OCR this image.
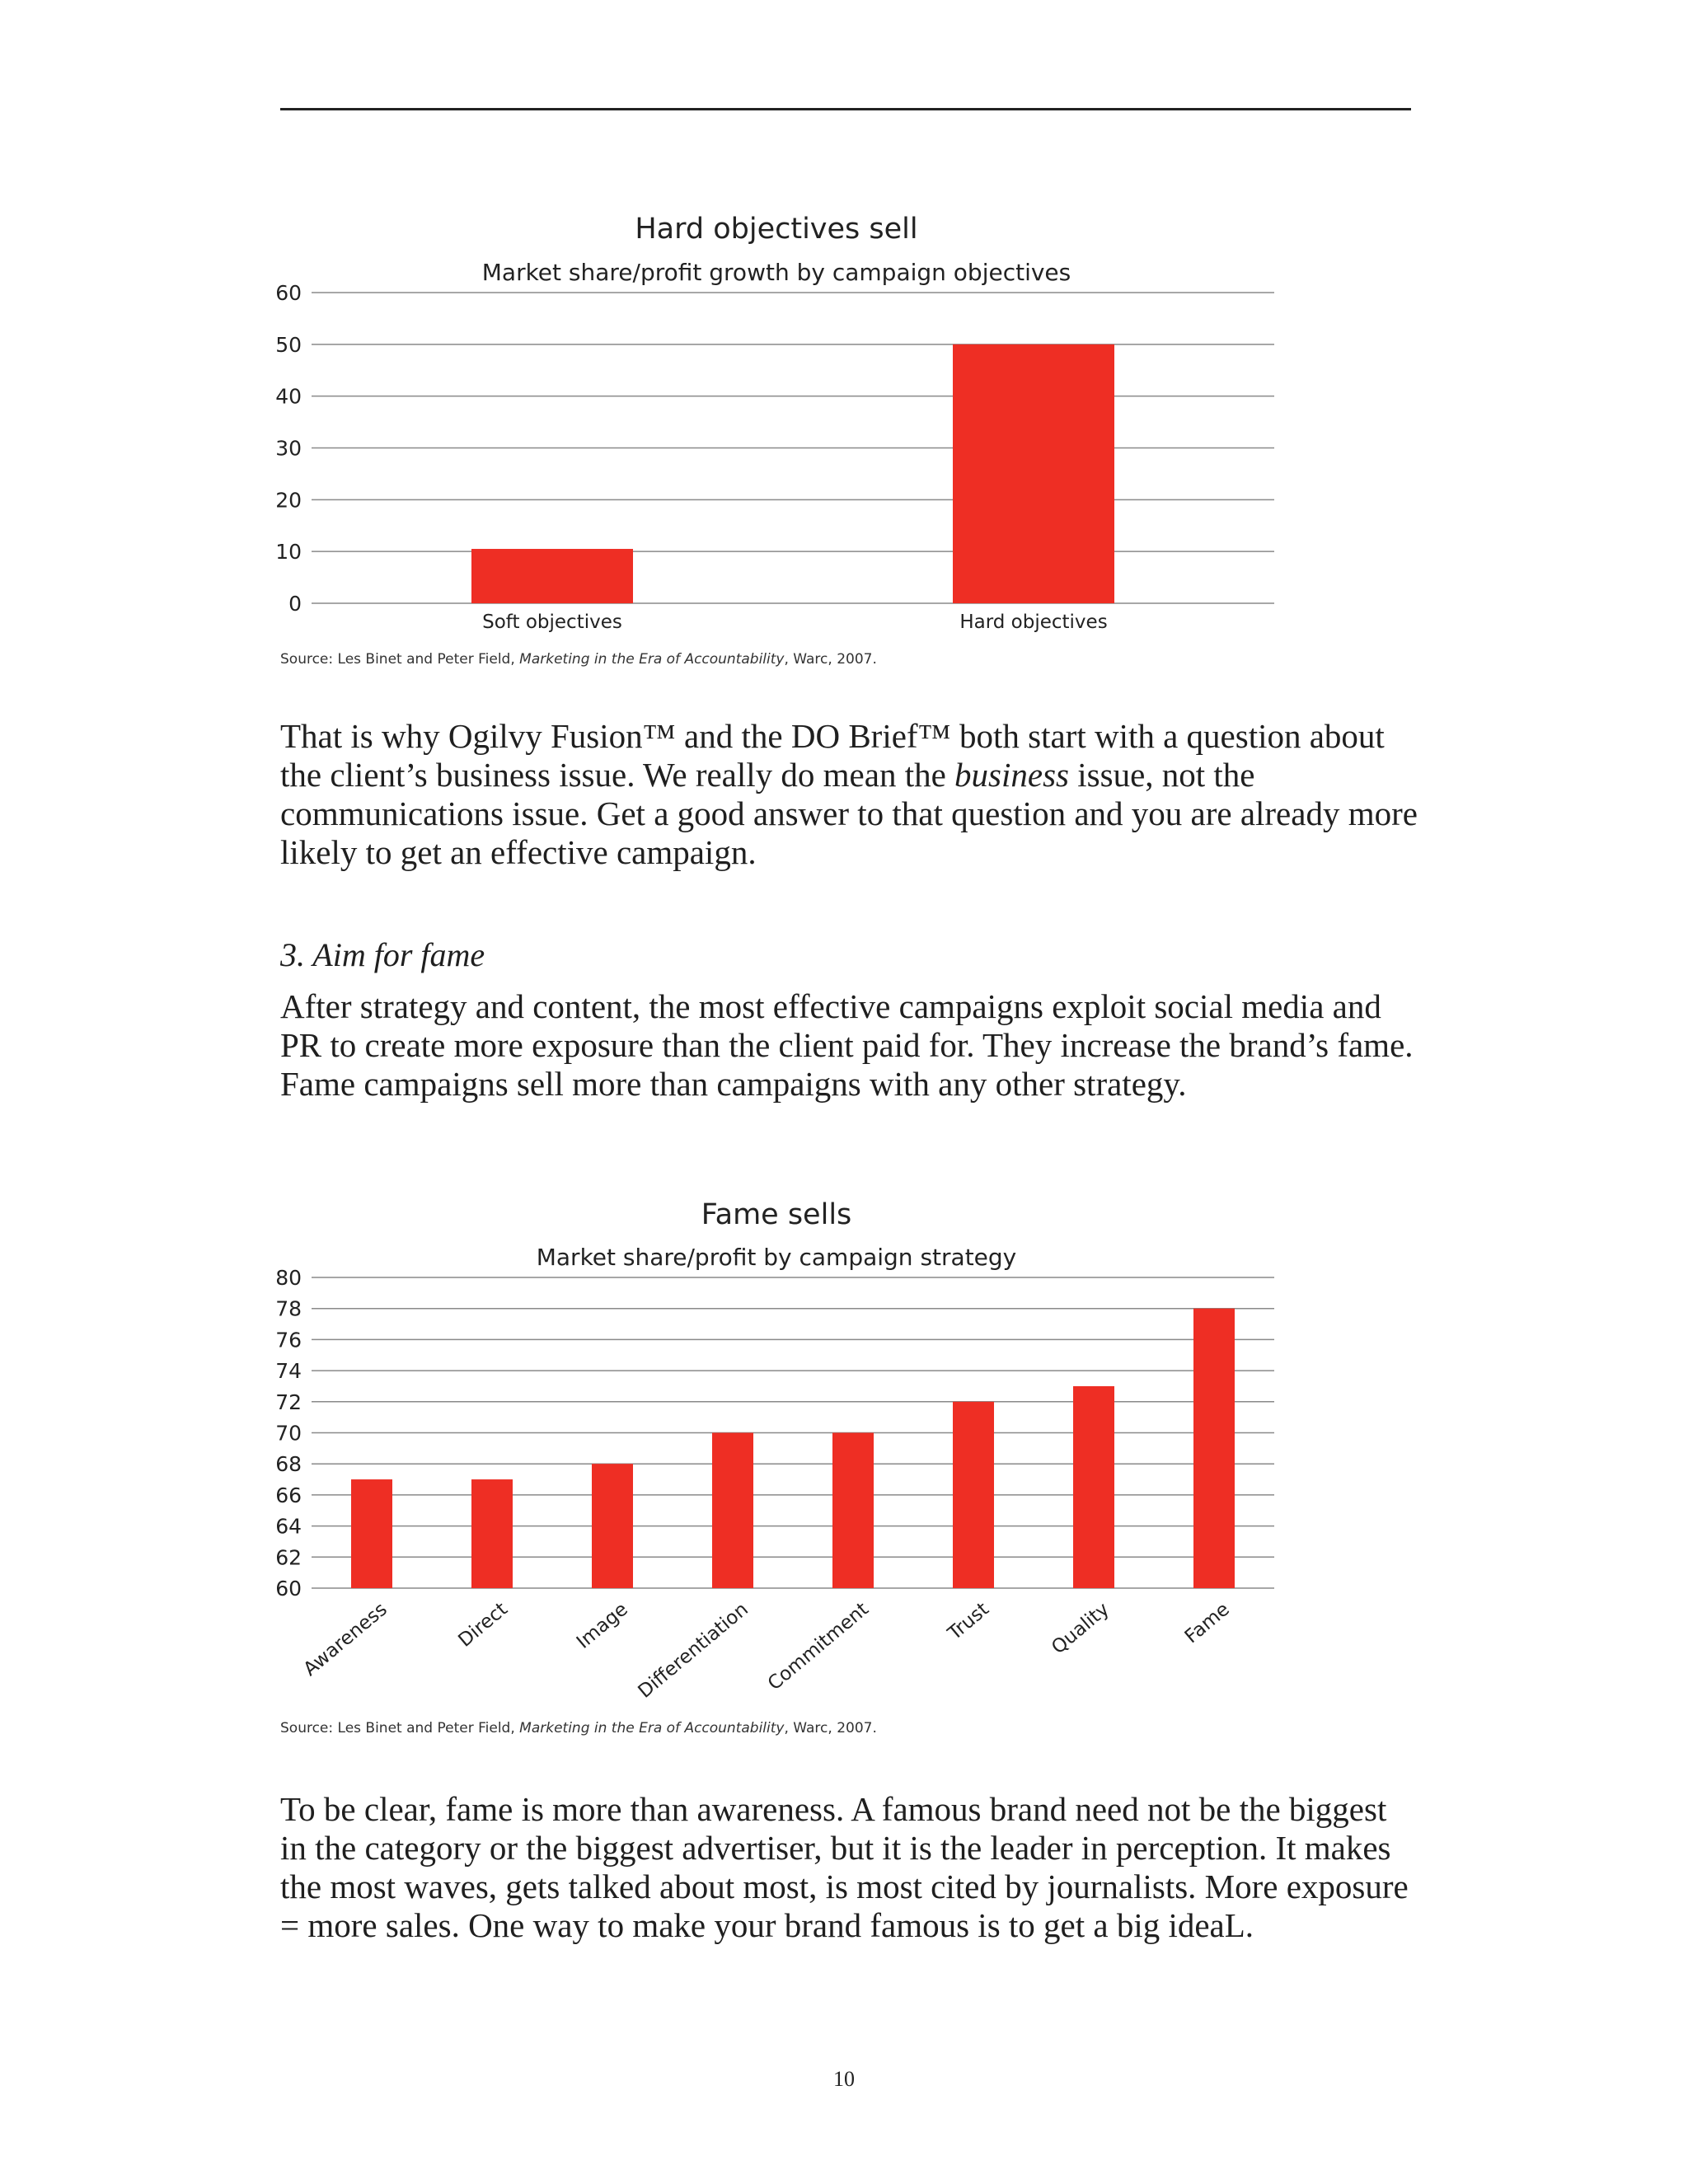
Hard objectives sell
Market share/profit growth by campaign objectives
0
10
20
30
40
50
60
Soft objectives	Hard objectives
Source: Les Binet and Peter Field, Marketing in the Era of Accountability, Warc, 2007.

That is why Ogilvy Fusion™ and the DO Brief™ both start with a question about the client’s business issue. We really do mean the business issue, not the communications issue. Get a good answer to that question and you are already more likely to get an effective campaign.

3. Aim for fame

After strategy and content, the most effective campaigns exploit social media and PR to create more exposure than the client paid for. They increase the brand’s fame. Fame campaigns sell more than campaigns with any other strategy.

Fame sells
Market share/profit by campaign strategy
60
62
64
66
68
70
72
74
76
78
80
Awareness	Direct	Image Differentiation Commitment	Trust	Quality	Fame
Source: Les Binet and Peter Field, Marketing in the Era of Accountability, Warc, 2007.

To be clear, fame is more than awareness. A famous brand need not be the biggest in the category or the biggest advertiser, but it is the leader in perception. It makes the most waves, gets talked about most, is most cited by journalists. More exposure = more sales. One way to make your brand famous is to get a big ideaL.

10
